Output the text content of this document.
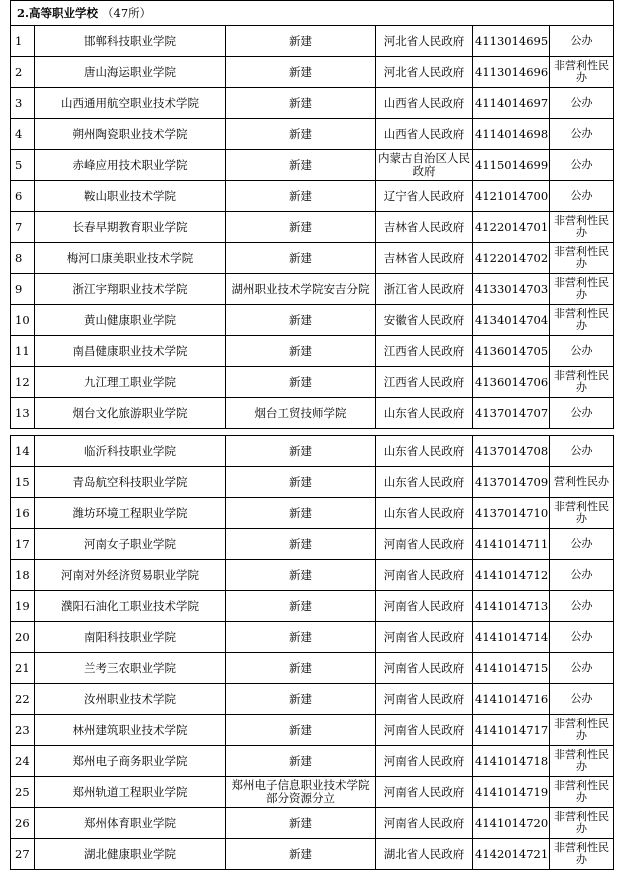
2.高等职业学校 （47所）					
1	邯郸科技职业学院	新建	河北省人民政府	4113014695	公办
2	唐山海运职业学院	新建	河北省人民政府	4113014696	非营利性民办
3	山西通用航空职业技术学院	新建	山西省人民政府	4114014697	公办
4	朔州陶瓷职业技术学院	新建	山西省人民政府	4114014698	公办
5	赤峰应用技术职业学院	新建	内蒙古自治区人民政府	4115014699	公办
6	鞍山职业技术学院	新建	辽宁省人民政府	4121014700	公办
7	长春早期教育职业学院	新建	吉林省人民政府	4122014701	非营利性民办
8	梅河口康美职业技术学院	新建	吉林省人民政府	4122014702	非营利性民办
9	浙江宇翔职业技术学院	湖州职业技术学院安吉分院	浙江省人民政府	4133014703	非营利性民办
10	黄山健康职业学院	新建	安徽省人民政府	4134014704	非营利性民办
11	南昌健康职业技术学院	新建	江西省人民政府	4136014705	公办
12	九江理工职业学院	新建	江西省人民政府	4136014706	非营利性民办
13	烟台文化旅游职业学院	烟台工贸技师学院	山东省人民政府	4137014707	公办
14	临沂科技职业学院	新建	山东省人民政府	4137014708	公办
15	青岛航空科技职业学院	新建	山东省人民政府	4137014709	营利性民办
16	潍坊环境工程职业学院	新建	山东省人民政府	4137014710	非营利性民办
17	河南女子职业学院	新建	河南省人民政府	4141014711	公办
18	河南对外经济贸易职业学院	新建	河南省人民政府	4141014712	公办
19	濮阳石油化工职业技术学院	新建	河南省人民政府	4141014713	公办
20	南阳科技职业学院	新建	河南省人民政府	4141014714	公办
21	兰考三农职业学院	新建	河南省人民政府	4141014715	公办
22	汝州职业技术学院	新建	河南省人民政府	4141014716	公办
23	林州建筑职业技术学院	新建	河南省人民政府	4141014717	非营利性民办
24	郑州电子商务职业学院	新建	河南省人民政府	4141014718	非营利性民办
25	郑州轨道工程职业学院	郑州电子信息职业技术学院部分资源分立	河南省人民政府	4141014719	非营利性民办
26	郑州体育职业学院	新建	河南省人民政府	4141014720	非营利性民办
27	湖北健康职业学院	新建	湖北省人民政府	4142014721	非营利性民办
